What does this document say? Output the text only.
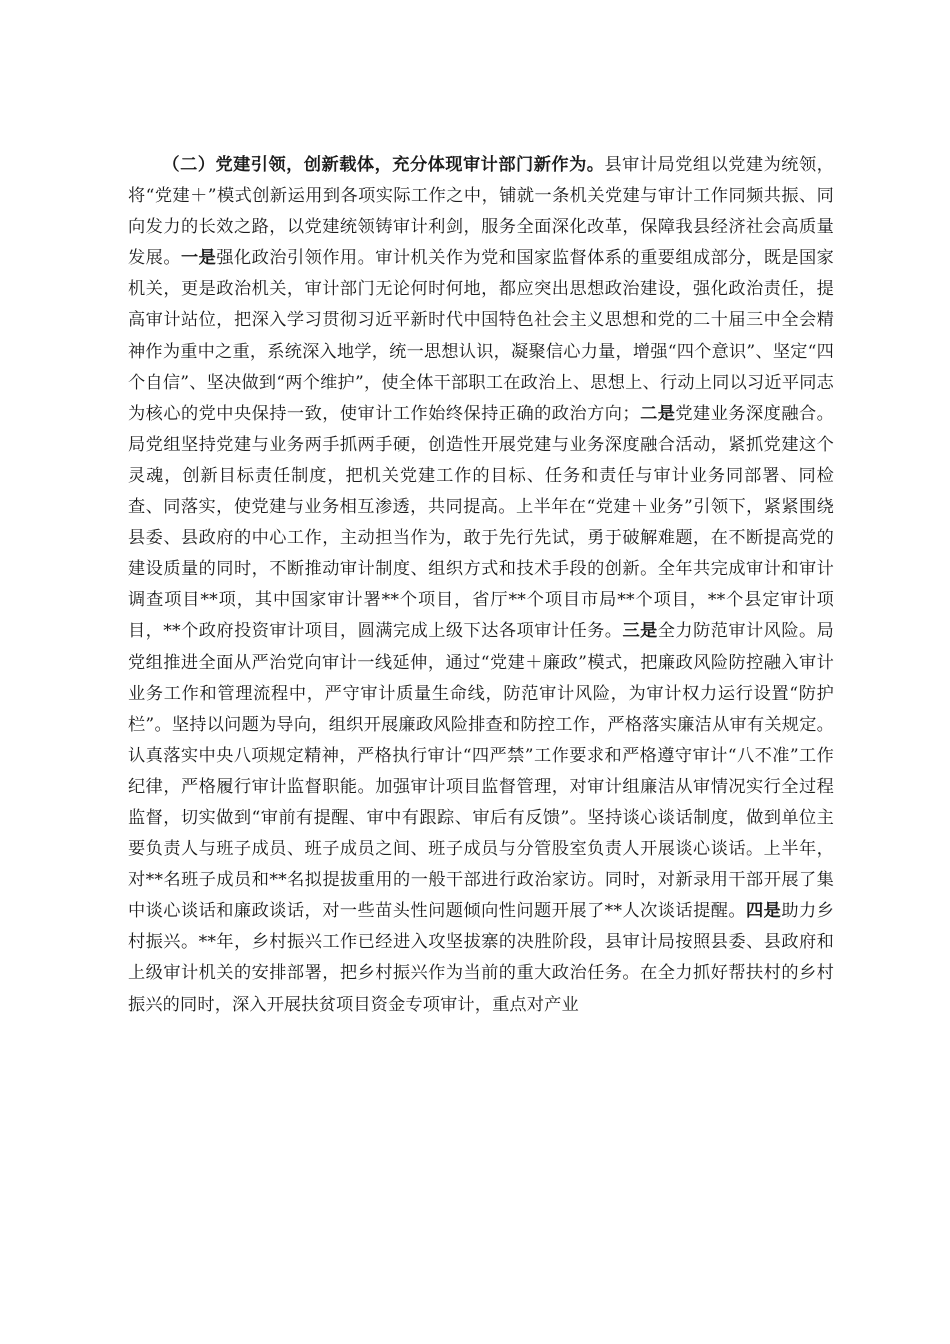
（二）党建引领，创新载体，充分体现审计部门新作为。县审计局党组以党建为统领，将“党建＋”模式创新运用到各项实际工作之中，铺就一条机关党建与审计工作同频共振、同向发力的长效之路，以党建统领铸审计利剑，服务全面深化改革，保障我县经济社会高质量发展。一是强化政治引领作用。审计机关作为党和国家监督体系的重要组成部分，既是国家机关，更是政治机关，审计部门无论何时何地，都应突出思想政治建设，强化政治责任，提高审计站位，把深入学习贯彻习近平新时代中国特色社会主义思想和党的二十届三中全会精神作为重中之重，系统深入地学，统一思想认识，凝聚信心力量，增强“四个意识”、坚定“四个自信”、坚决做到“两个维护”，使全体干部职工在政治上、思想上、行动上同以习近平同志为核心的党中央保持一致，使审计工作始终保持正确的政治方向；二是党建业务深度融合。局党组坚持党建与业务两手抓两手硬，创造性开展党建与业务深度融合活动，紧抓党建这个灵魂，创新目标责任制度，把机关党建工作的目标、任务和责任与审计业务同部署、同检查、同落实，使党建与业务相互渗透，共同提高。上半年在“党建＋业务”引领下，紧紧围绕县委、县政府的中心工作，主动担当作为，敢于先行先试，勇于破解难题，在不断提高党的建设质量的同时，不断推动审计制度、组织方式和技术手段的创新。全年共完成审计和审计调查项目**项，其中国家审计署**个项目，省厅**个项目市局**个项目，**个县定审计项目，**个政府投资审计项目，圆满完成上级下达各项审计任务。三是全力防范审计风险。局党组推进全面从严治党向审计一线延伸，通过“党建＋廉政”模式，把廉政风险防控融入审计业务工作和管理流程中，严守审计质量生命线，防范审计风险，为审计权力运行设置“防护栏”。坚持以问题为导向，组织开展廉政风险排查和防控工作，严格落实廉洁从审有关规定。认真落实中央八项规定精神，严格执行审计“四严禁”工作要求和严格遵守审计“八不准”工作纪律，严格履行审计监督职能。加强审计项目监督管理，对审计组廉洁从审情况实行全过程监督，切实做到“审前有提醒、审中有跟踪、审后有反馈”。坚持谈心谈话制度，做到单位主要负责人与班子成员、班子成员之间、班子成员与分管股室负责人开展谈心谈话。上半年，对**名班子成员和**名拟提拔重用的一般干部进行政治家访。同时，对新录用干部开展了集中谈心谈话和廉政谈话，对一些苗头性问题倾向性问题开展了**人次谈话提醒。四是助力乡村振兴。**年，乡村振兴工作已经进入攻坚拔寨的决胜阶段，县审计局按照县委、县政府和上级审计机关的安排部署，把乡村振兴作为当前的重大政治任务。在全力抓好帮扶村的乡村振兴的同时，深入开展扶贫项目资金专项审计，重点对产业
